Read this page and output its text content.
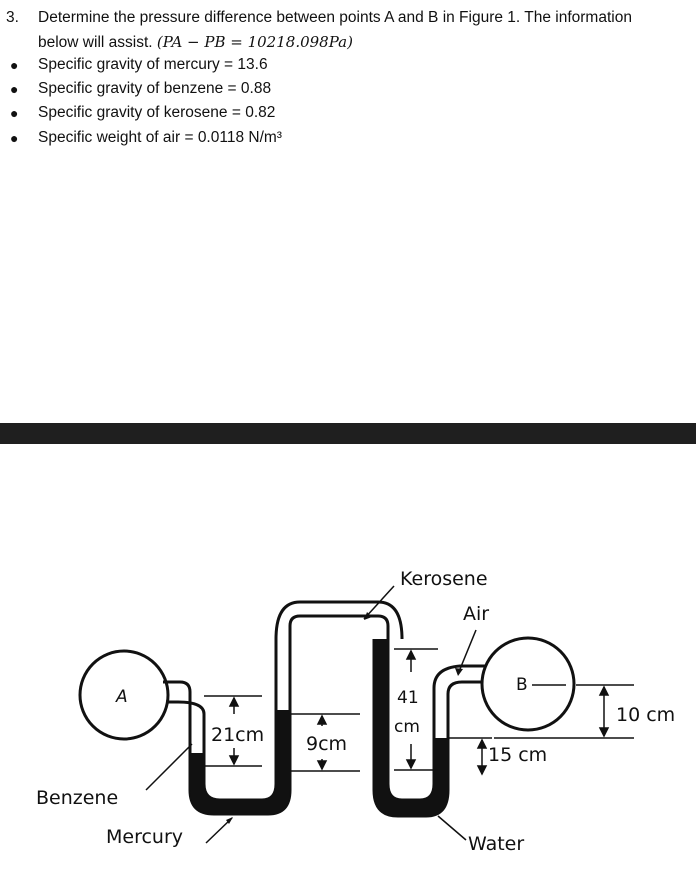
3. Determine the pressure difference between points A and B in Figure 1. The information
below will assist. (PA − PB = 10218.098Pa)
● Specific gravity of mercury = 13.6
● Specific gravity of benzene = 0.88
● Specific gravity of kerosene = 0.82
● Specific weight of air = 0.0118 N/m³
A
B
21cm 9cm
41
cm
15 cm
10 cm
Kerosene
Air
Benzene
Mercury	Water
